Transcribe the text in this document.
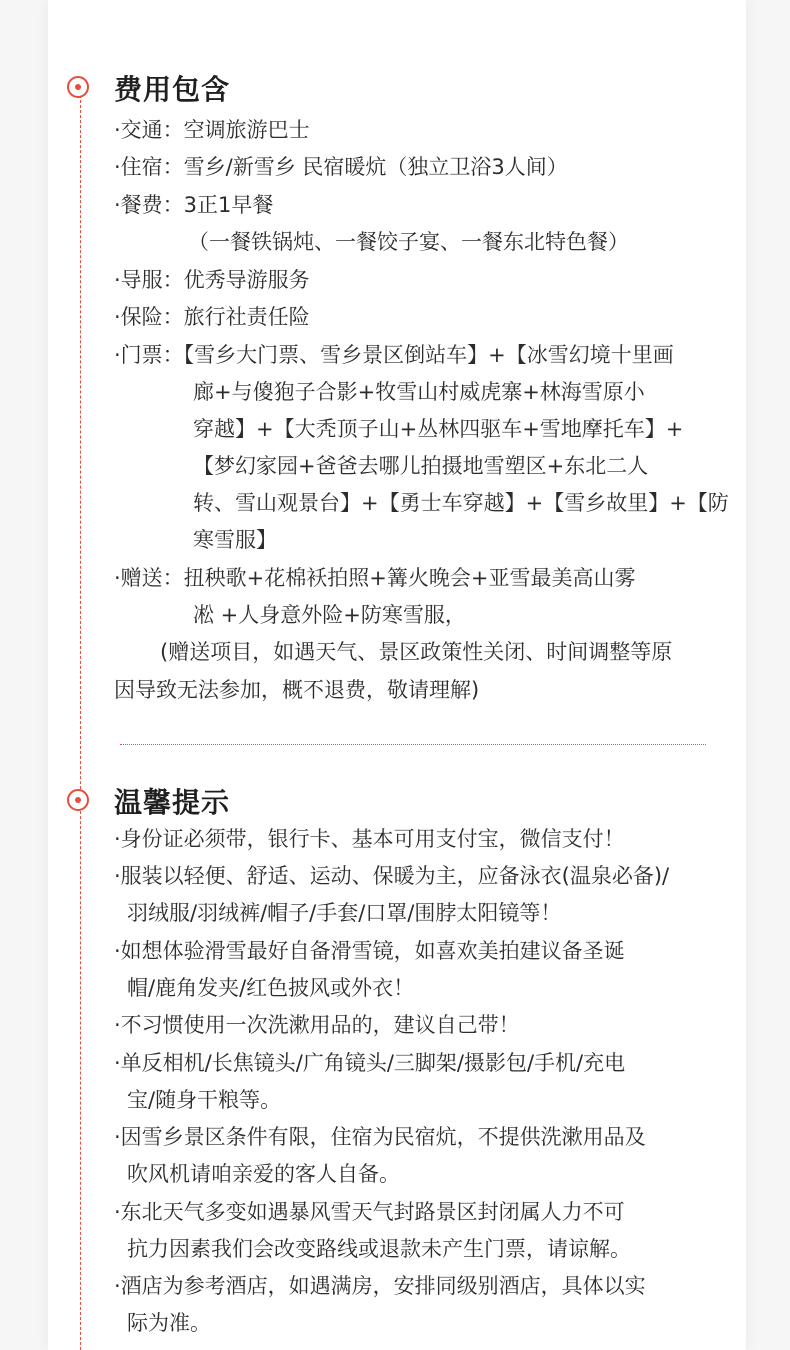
费用包含
·交通：空调旅游巴士
·住宿：雪乡/新雪乡 民宿暖炕（独立卫浴3人间）
·餐费：3正1早餐
（一餐铁锅炖、一餐饺子宴、一餐东北特色餐）
·导服：优秀导游服务
·保险：旅行社责任险
·门票：【雪乡大门票、雪乡景区倒站车】+【冰雪幻境十里画
廊+与傻狍子合影+牧雪山村威虎寨+林海雪原小
穿越】+【大秃顶子山+丛林四驱车+雪地摩托车】+
【梦幻家园+爸爸去哪儿拍摄地雪塑区+东北二人
转、雪山观景台】+【勇士车穿越】+【雪乡故里】+【防
寒雪服】
·赠送：扭秧歌+花棉袄拍照+篝火晚会+亚雪最美高山雾
凇 +人身意外险+防寒雪服，
(赠送项目，如遇天气、景区政策性关闭、时间调整等原
因导致无法参加，概不退费，敬请理解)
温馨提示
·身份证必须带，银行卡、基本可用支付宝，微信支付！
·服装以轻便、舒适、运动、保暖为主，应备泳衣(温泉必备)/
羽绒服/羽绒裤/帽子/手套/口罩/围脖太阳镜等！
·如想体验滑雪最好自备滑雪镜，如喜欢美拍建议备圣诞
帽/鹿角发夹/红色披风或外衣！
·不习惯使用一次洗漱用品的，建议自己带！
·单反相机/长焦镜头/广角镜头/三脚架/摄影包/手机/充电
宝/随身干粮等。
·因雪乡景区条件有限，住宿为民宿炕，不提供洗漱用品及
吹风机请咱亲爱的客人自备。
·东北天气多变如遇暴风雪天气封路景区封闭属人力不可
抗力因素我们会改变路线或退款未产生门票，请谅解。
·酒店为参考酒店，如遇满房，安排同级别酒店，具体以实
际为准。
